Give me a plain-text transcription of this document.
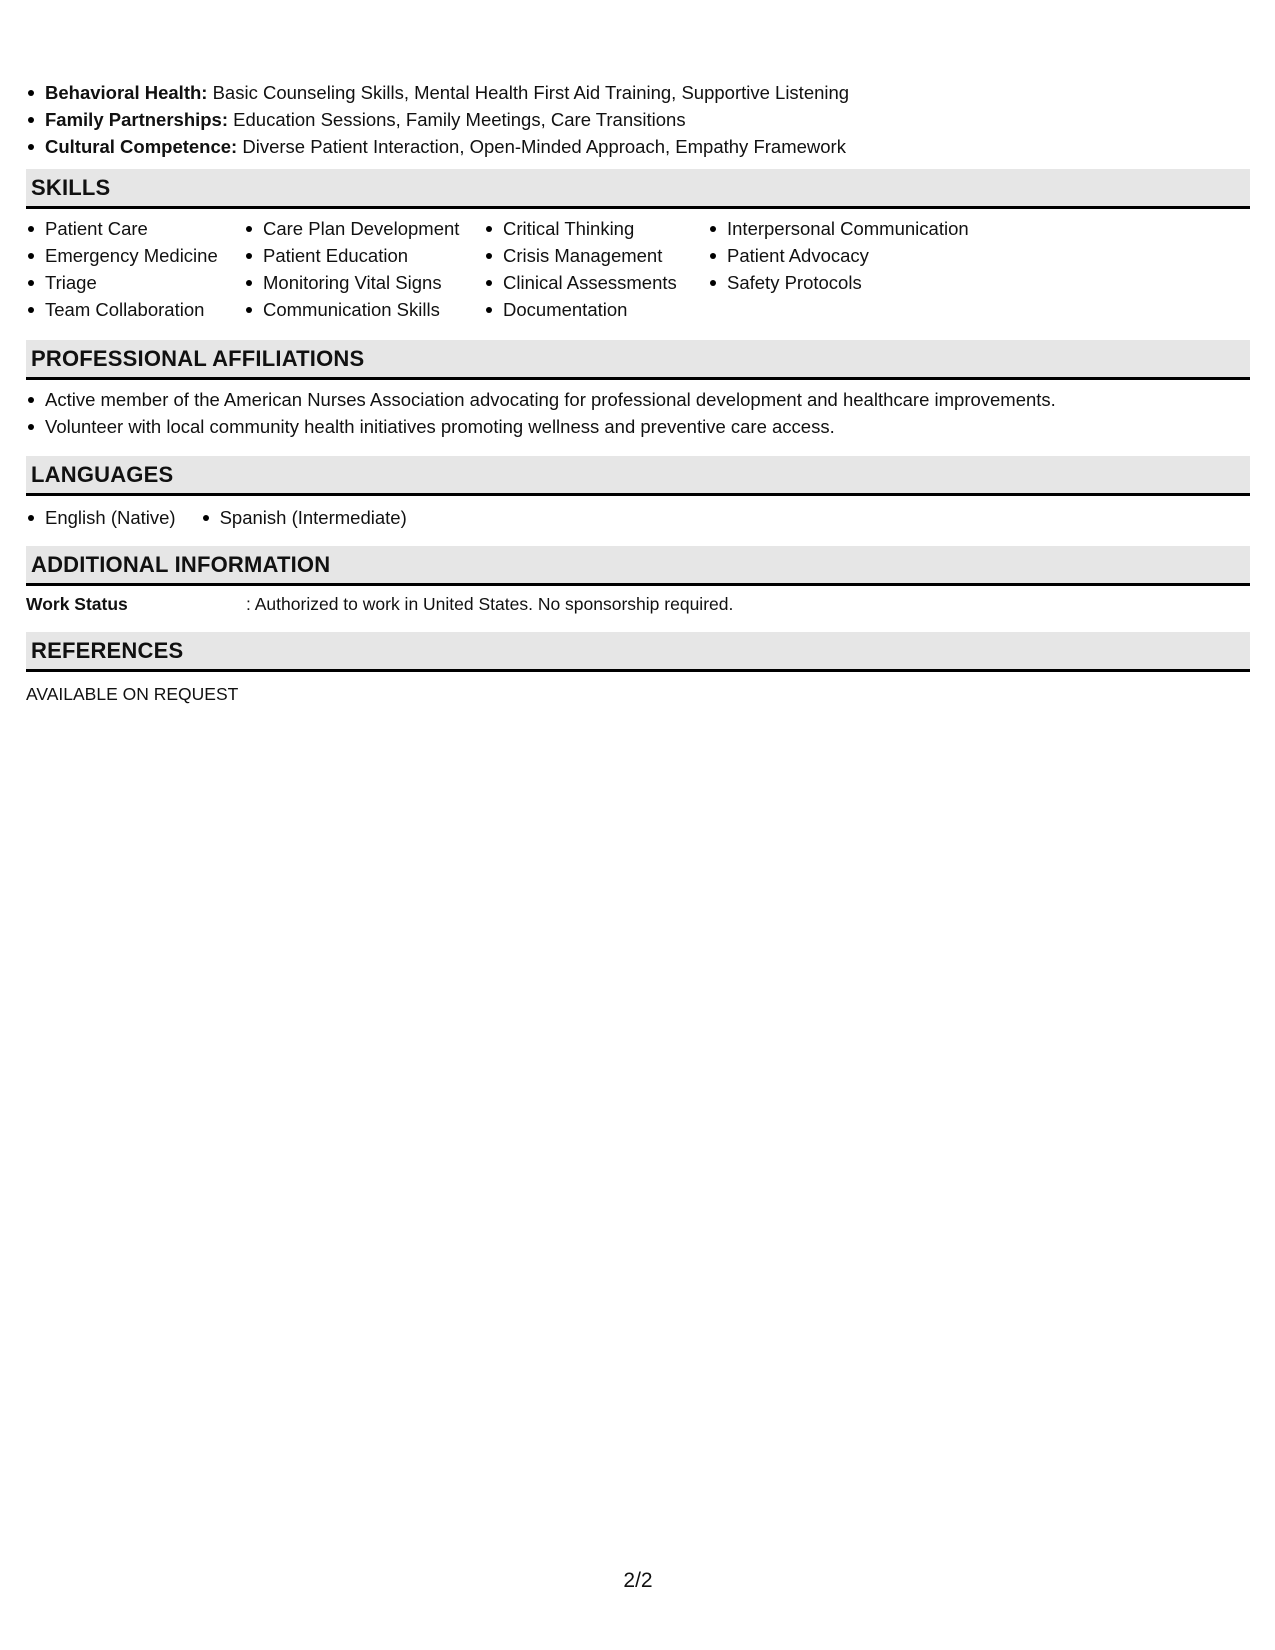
Behavioral Health: Basic Counseling Skills, Mental Health First Aid Training, Supportive Listening
Family Partnerships: Education Sessions, Family Meetings, Care Transitions
Cultural Competence: Diverse Patient Interaction, Open-Minded Approach, Empathy Framework
SKILLS
Patient Care
Emergency Medicine
Triage
Team Collaboration
Care Plan Development
Patient Education
Monitoring Vital Signs
Communication Skills
Critical Thinking
Crisis Management
Clinical Assessments
Documentation
Interpersonal Communication
Patient Advocacy
Safety Protocols
PROFESSIONAL AFFILIATIONS
Active member of the American Nurses Association advocating for professional development and healthcare improvements.
Volunteer with local community health initiatives promoting wellness and preventive care access.
LANGUAGES
English (Native)	Spanish (Intermediate)
ADDITIONAL INFORMATION
Work Status	: Authorized to work in United States. No sponsorship required.
REFERENCES
AVAILABLE ON REQUEST
2/2
